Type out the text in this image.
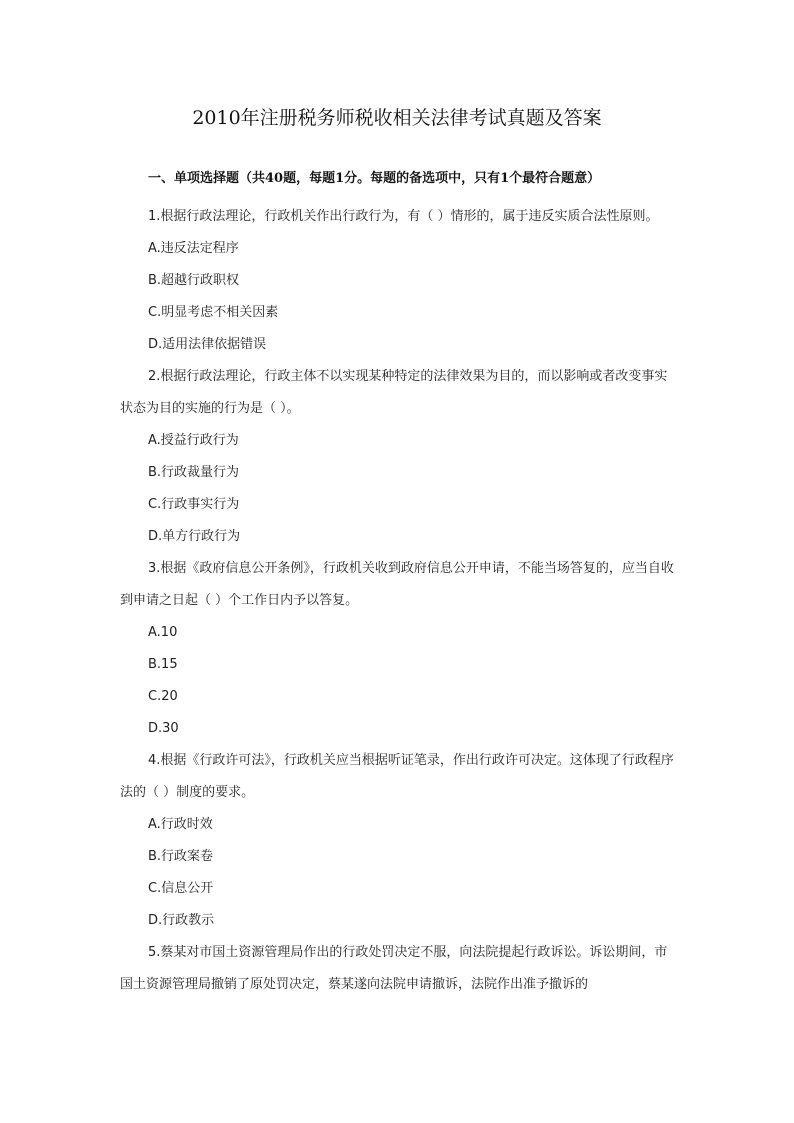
2010年注册税务师税收相关法律考试真题及答案
一、单项选择题（共40题，每题1分。每题的备选项中，只有1个最符合题意）

1.根据行政法理论，行政机关作出行政行为，有（ ）情形的，属于违反实质合法性原则。

A.违反法定程序

B.超越行政职权

C.明显考虑不相关因素

D.适用法律依据错误

2.根据行政法理论，行政主体不以实现某种特定的法律效果为目的，而以影响或者改变事实状态为目的实施的行为是（ ）。

A.授益行政行为

B.行政裁量行为

C.行政事实行为

D.单方行政行为

3.根据《政府信息公开条例》，行政机关收到政府信息公开申请，不能当场答复的，应当自收到申请之日起（ ）个工作日内予以答复。

A.10

B.15

C.20

D.30

4.根据《行政许可法》，行政机关应当根据听证笔录，作出行政许可决定。这体现了行政程序法的（ ）制度的要求。

A.行政时效

B.行政案卷

C.信息公开

D.行政教示

5.蔡某对市国土资源管理局作出的行政处罚决定不服，向法院提起行政诉讼。诉讼期间，市国土资源管理局撤销了原处罚决定，蔡某遂向法院申请撤诉，法院作出准予撤诉的
